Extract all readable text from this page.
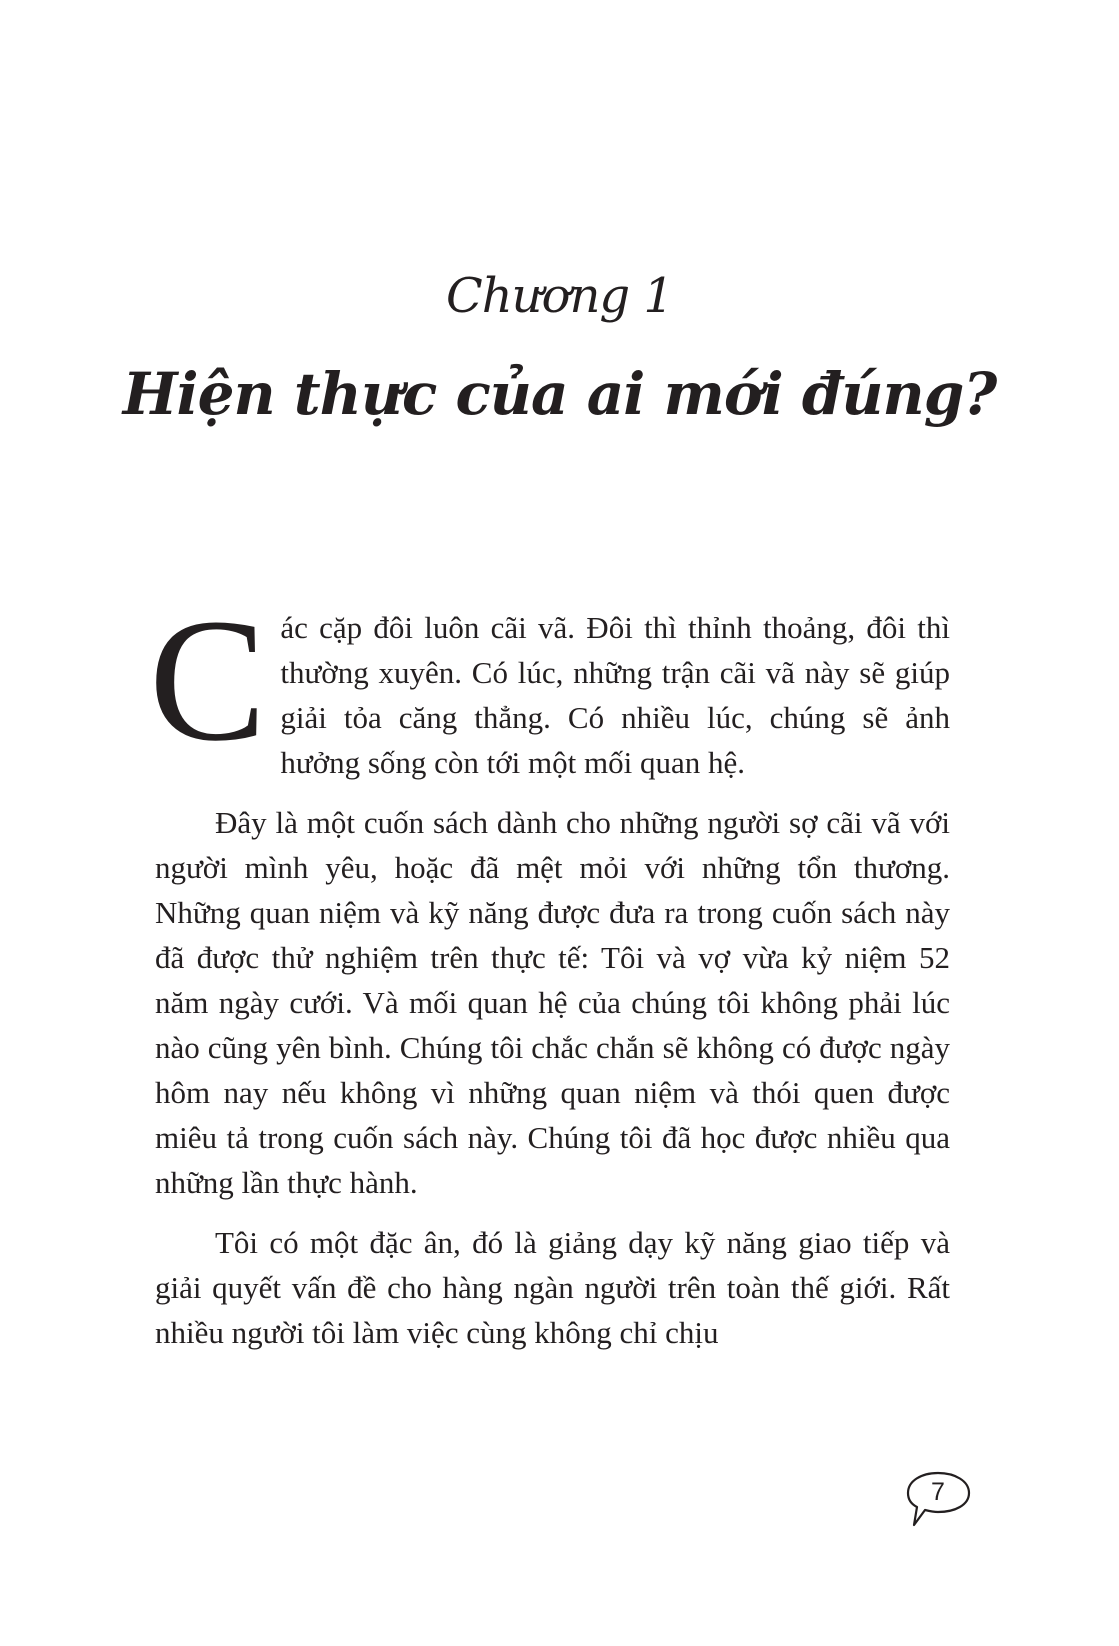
Chương 1
Hiện thực của ai mới đúng?

Các cặp đôi luôn cãi vã. Đôi thì thỉnh thoảng, đôi thì thường xuyên. Có lúc, những trận cãi vã này sẽ giúp giải tỏa căng thẳng. Có nhiều lúc, chúng sẽ ảnh hưởng sống còn tới một mối quan hệ.

Đây là một cuốn sách dành cho những người sợ cãi vã với người mình yêu, hoặc đã mệt mỏi với những tổn thương. Những quan niệm và kỹ năng được đưa ra trong cuốn sách này đã được thử nghiệm trên thực tế: Tôi và vợ vừa kỷ niệm 52 năm ngày cưới. Và mối quan hệ của chúng tôi không phải lúc nào cũng yên bình. Chúng tôi chắc chắn sẽ không có được ngày hôm nay nếu không vì những quan niệm và thói quen được miêu tả trong cuốn sách này. Chúng tôi đã học được nhiều qua những lần thực hành.

Tôi có một đặc ân, đó là giảng dạy kỹ năng giao tiếp và giải quyết vấn đề cho hàng ngàn người trên toàn thế giới. Rất nhiều người tôi làm việc cùng không chỉ chịu

7
